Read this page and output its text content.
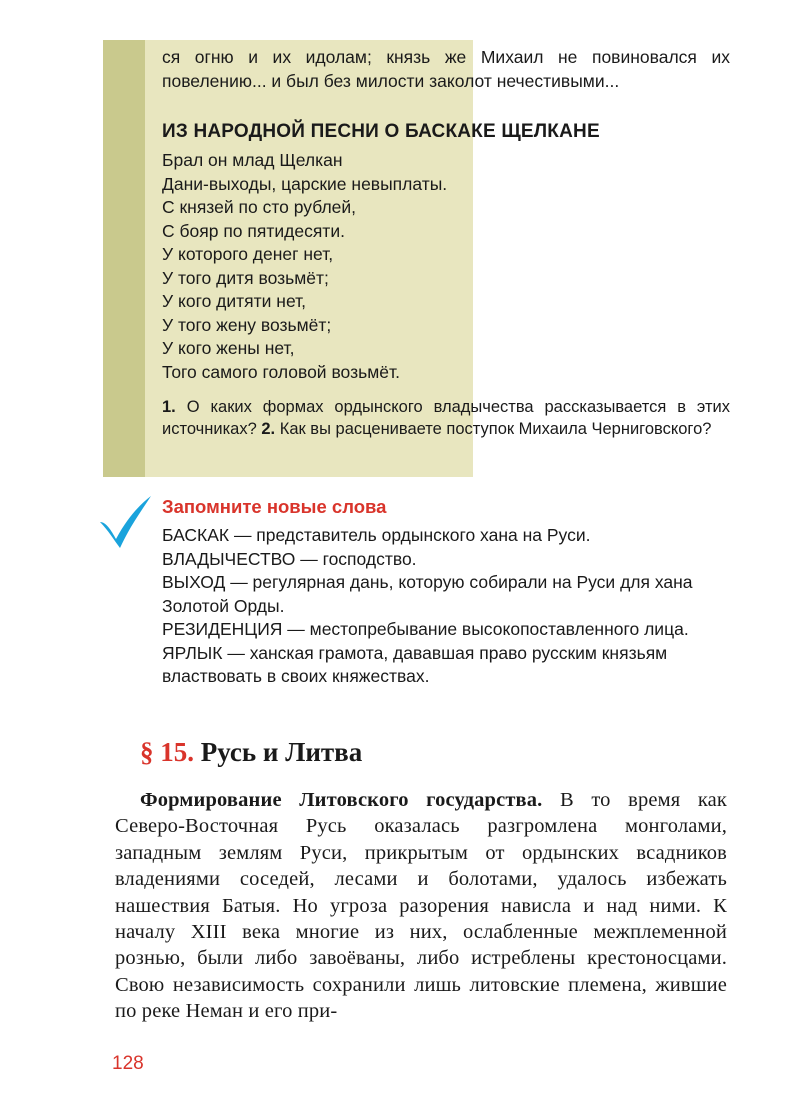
ся огню и их идолам; князь же Михаил не повиновался их повелению... и был без милости заколот нечестивыми...

ИЗ НАРОДНОЙ ПЕСНИ О БАСКАКЕ ЩЕЛКАНЕ

Брал он млад Щелкан

Дани-выходы, царские невыплаты.

С князей по сто рублей,

С бояр по пятидесяти.

У которого денег нет,

У того дитя возьмёт;

У кого дитяти нет,

У того жену возьмёт;

У кого жены нет,

Того самого головой возьмёт.

1. О каких формах ордынского владычества рассказывается в этих источниках? 2. Как вы расцениваете поступок Михаила Черниговского?

Запомните новые слова

БАСКАК — представитель ордынского хана на Руси.

ВЛАДЫЧЕСТВО — господство.

ВЫХОД — регулярная дань, которую собирали на Руси для хана Золотой Орды.

РЕЗИДЕНЦИЯ — местопребывание высокопоставленного лица.

ЯРЛЫК — ханская грамота, дававшая право русским князьям властвовать в своих княжествах.

§ 15. Русь и Литва

Формирование Литовского государства. В то время как Северо-Восточная Русь оказалась разгромлена монголами, западным землям Руси, прикрытым от ордынских всадников владениями соседей, лесами и болотами, удалось избежать нашествия Батыя. Но угроза разорения нависла и над ними. К началу XIII века многие из них, ослабленные межплеменной рознью, были либо завоёваны, либо истреблены крестоносцами. Свою независимость сохранили лишь литовские племена, жившие по реке Неман и его при-

128
